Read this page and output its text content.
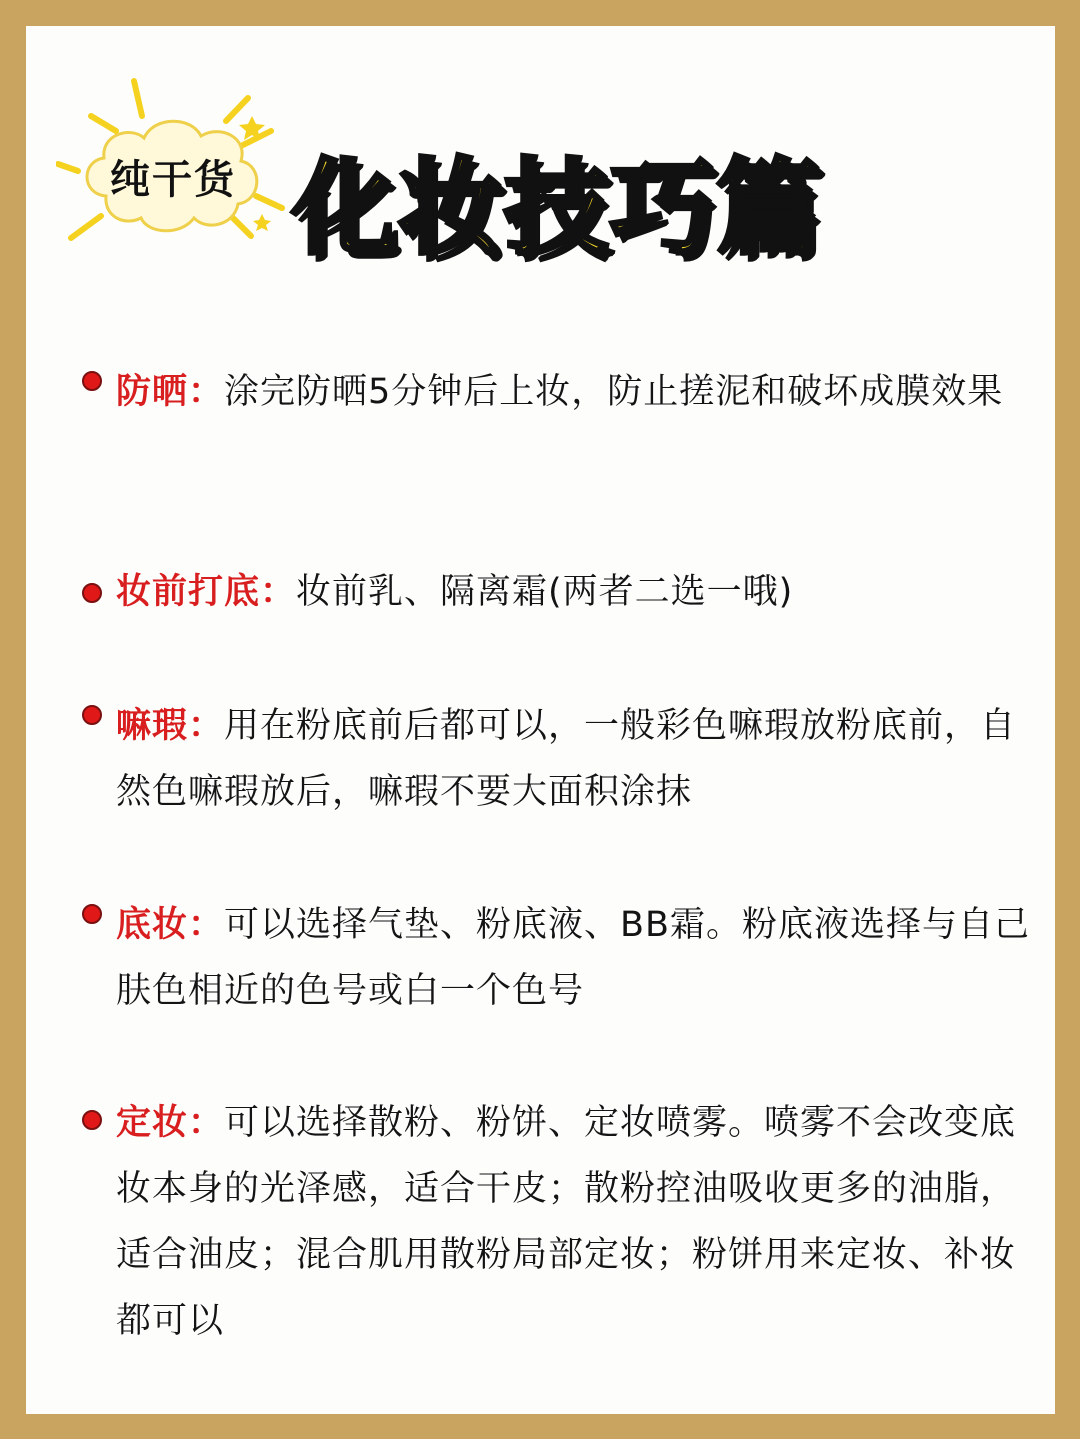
纯干货 化妆技巧篇
防晒：涂完防晒5分钟后上妆，防止搓泥和破坏成膜效果
妆前打底：妆前乳、隔离霜(两者二选一哦)
嘛瑕：用在粉底前后都可以，一般彩色嘛瑕放粉底前，自然色嘛瑕放后，嘛瑕不要大面积涂抹
底妆：可以选择气垫、粉底液、BB霜。粉底液选择与自己肤色相近的色号或白一个色号
定妆：可以选择散粉、粉饼、定妆喷雾。喷雾不会改变底妆本身的光泽感，适合干皮；散粉控油吸收更多的油脂，适合油皮；混合肌用散粉局部定妆；粉饼用来定妆、补妆都可以
